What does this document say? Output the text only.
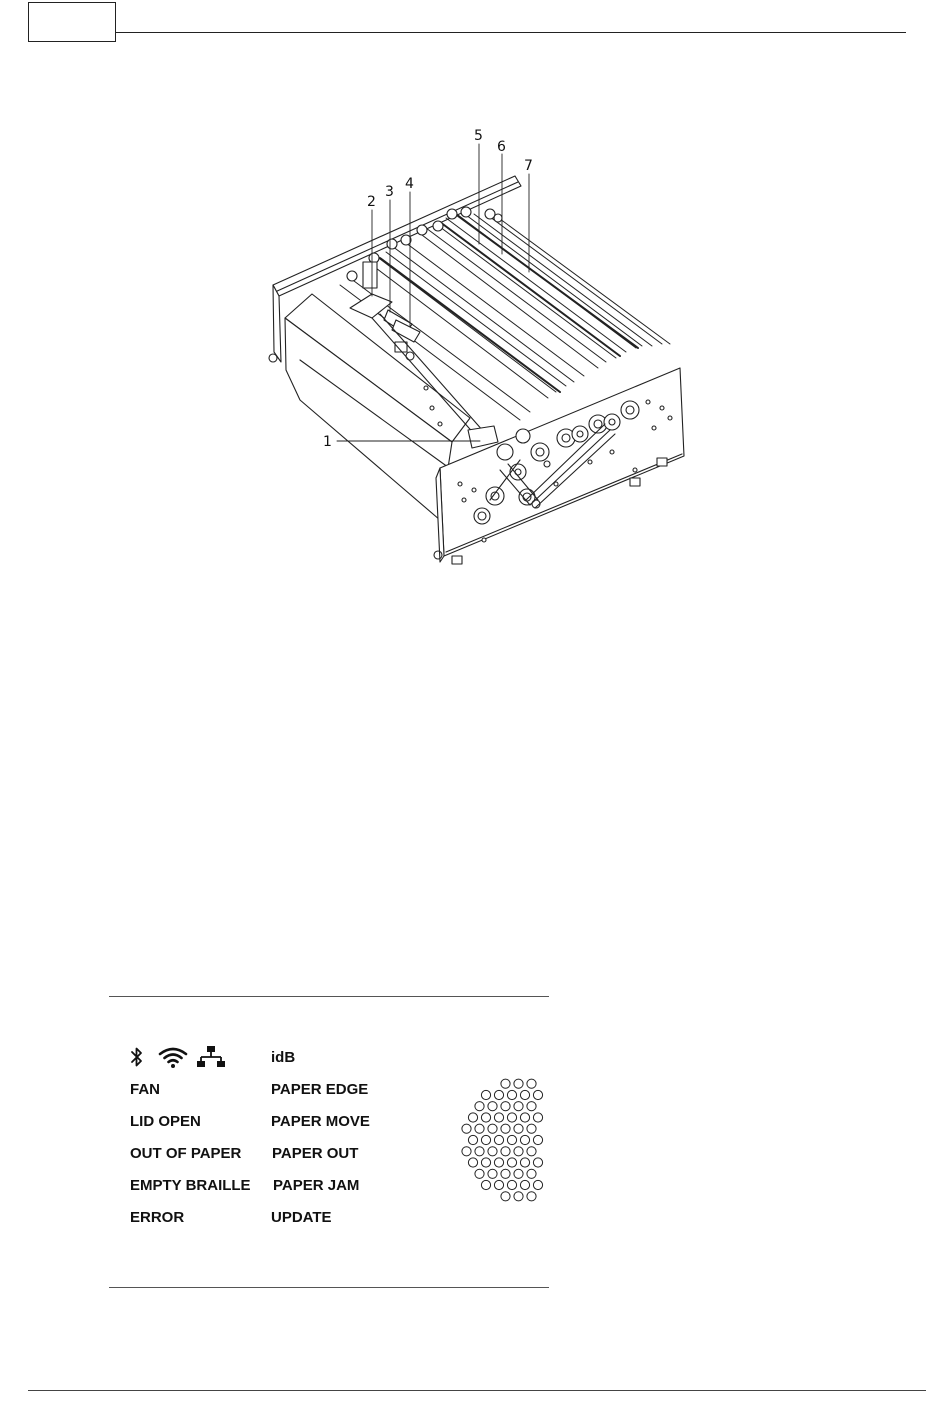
1
2
3 4
5
6
7
FAN
LID OPEN
OUT OF PAPER
EMPTY BRAILLE
ERROR
idB
PAPER EDGE
PAPER MOVE
PAPER OUT
PAPER JAM
UPDATE
